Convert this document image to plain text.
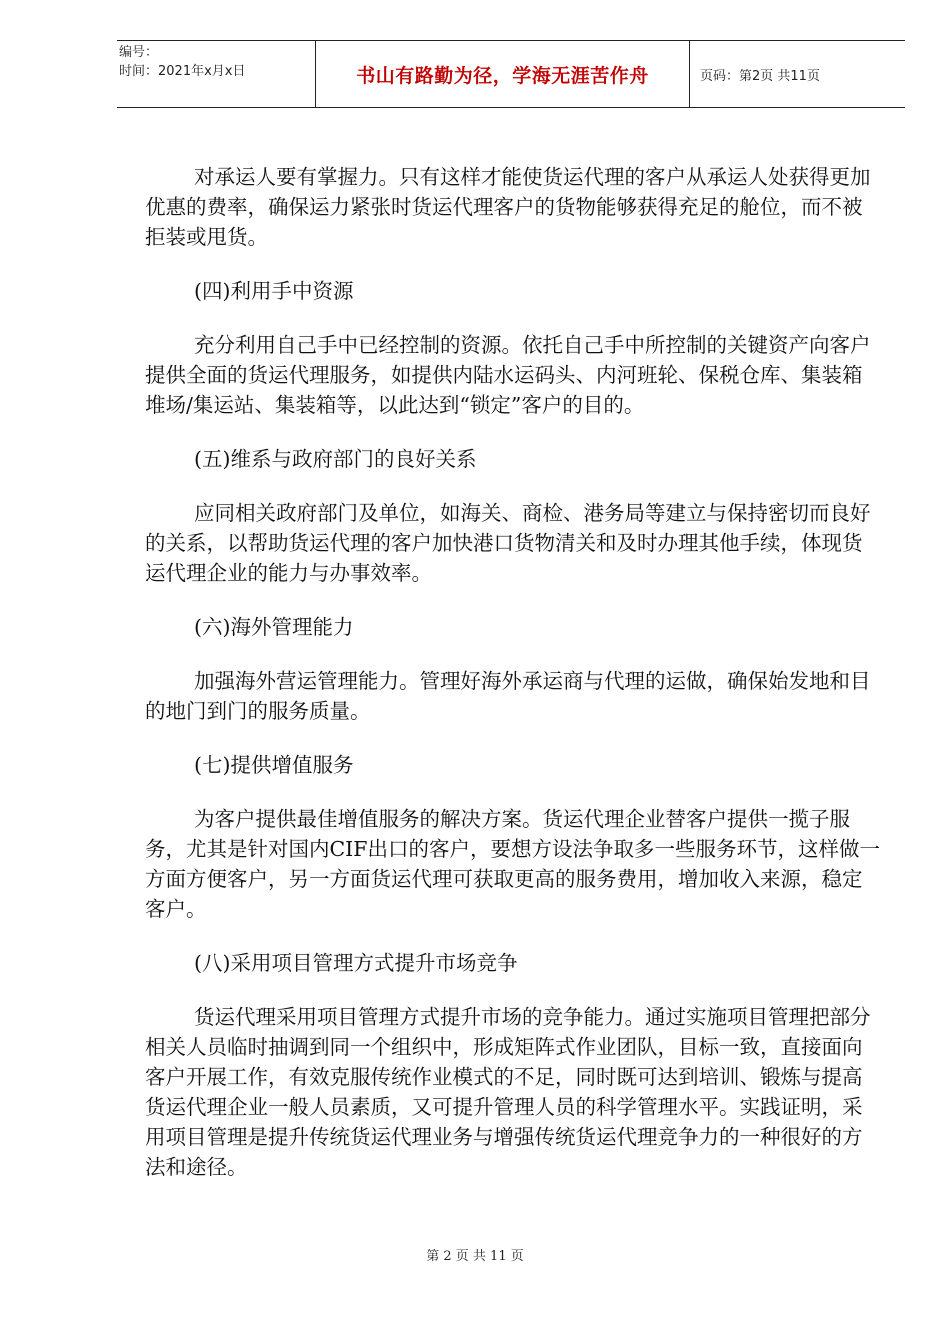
编号：
时间：2021年x月x日	书山有路勤为径，学海无涯苦作舟	页码：第2页 共11页

对承运人要有掌握力。只有这样才能使货运代理的客户从承运人处获得更加优惠的费率，确保运力紧张时货运代理客户的货物能够获得充足的舱位，而不被拒装或甩货。

(四)利用手中资源

充分利用自己手中已经控制的资源。依托自己手中所控制的关键资产向客户提供全面的货运代理服务，如提供内陆水运码头、内河班轮、保税仓库、集装箱堆场/集运站、集装箱等，以此达到“锁定”客户的目的。

(五)维系与政府部门的良好关系

应同相关政府部门及单位，如海关、商检、港务局等建立与保持密切而良好的关系，以帮助货运代理的客户加快港口货物清关和及时办理其他手续，体现货运代理企业的能力与办事效率。

(六)海外管理能力

加强海外营运管理能力。管理好海外承运商与代理的运做，确保始发地和目的地门到门的服务质量。

(七)提供增值服务

为客户提供最佳增值服务的解决方案。货运代理企业替客户提供一揽子服务，尤其是针对国内CIF出口的客户，要想方设法争取多一些服务环节，这样做一方面方便客户，另一方面货运代理可获取更高的服务费用，增加收入来源，稳定客户。

(八)采用项目管理方式提升市场竞争

货运代理采用项目管理方式提升市场的竞争能力。通过实施项目管理把部分相关人员临时抽调到同一个组织中，形成矩阵式作业团队，目标一致，直接面向客户开展工作，有效克服传统作业模式的不足，同时既可达到培训、锻炼与提高货运代理企业一般人员素质，又可提升管理人员的科学管理水平。实践证明，采用项目管理是提升传统货运代理业务与增强传统货运代理竞争力的一种很好的方法和途径。

第 2 页 共 11 页
